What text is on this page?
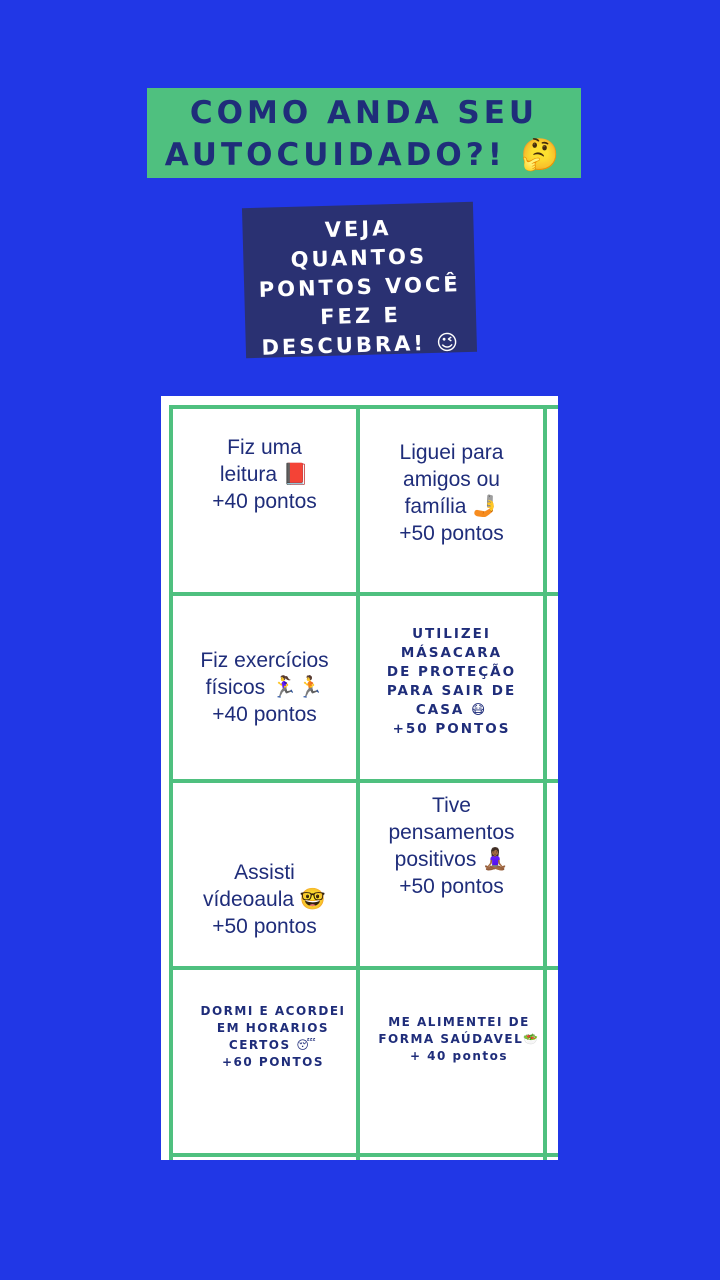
COMO ANDA SEU
AUTOCUIDADO?! 🤔
VEJA
QUANTOS
PONTOS VOCÊ
FEZ E
DESCUBRA! 😉
Fiz uma
leitura 📕
+40 pontos
Liguei para
amigos ou
família 🤳
+50 pontos
Fiz exercícios
físicos 🏃‍♀️🏃
+40 pontos
UTILIZEI
MÁSACARA
DE PROTEÇÃO
PARA SAIR DE
CASA 😷
+50 PONTOS
Assisti
vídeoaula 🤓
+50 pontos
Tive
pensamentos
positivos 🧘🏾‍♀️
+50 pontos
DORMI E ACORDEI
EM HORARIOS
CERTOS 😴
+60 PONTOS
ME ALIMENTEI DE
FORMA SAÚDAVEL🥗
+ 40 pontos
